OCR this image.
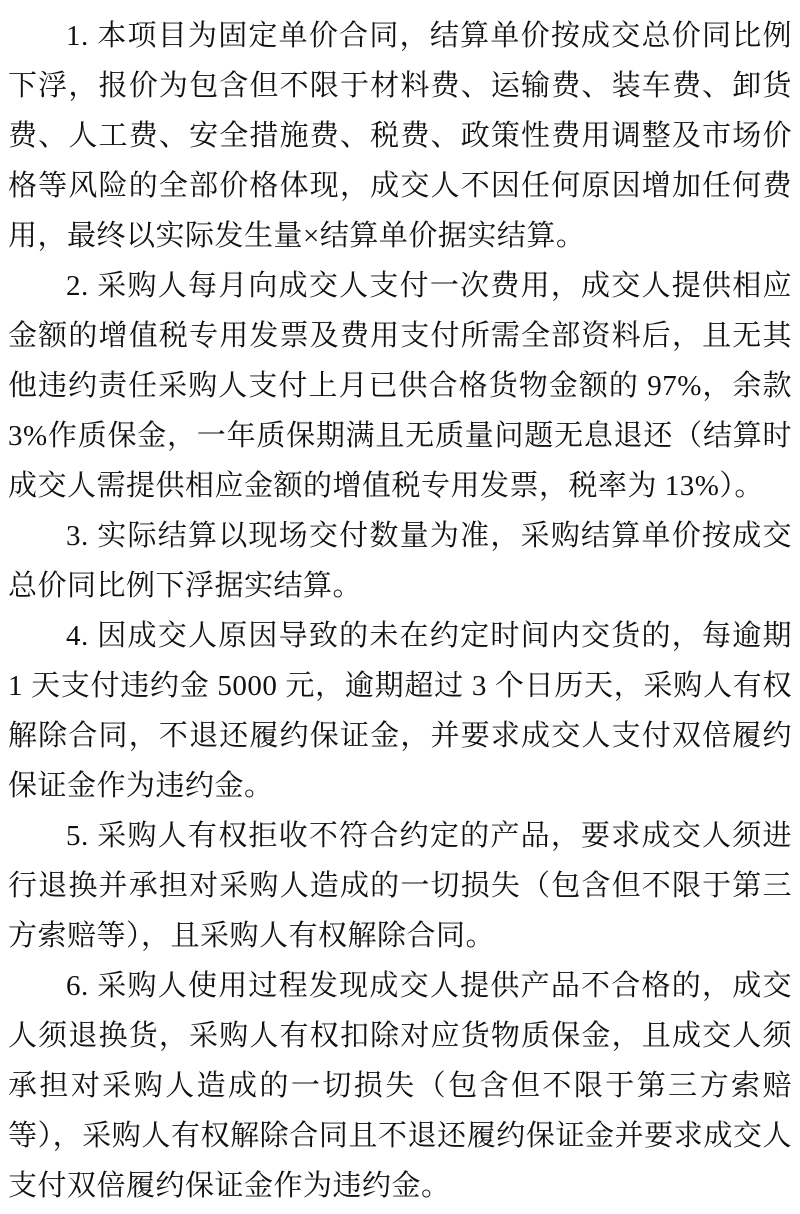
1. 本项目为固定单价合同，结算单价按成交总价同比例下浮，报价为包含但不限于材料费、运输费、装车费、卸货费、人工费、安全措施费、税费、政策性费用调整及市场价格等风险的全部价格体现，成交人不因任何原因增加任何费用，最终以实际发生量×结算单价据实结算。

2. 采购人每月向成交人支付一次费用，成交人提供相应金额的增值税专用发票及费用支付所需全部资料后，且无其他违约责任采购人支付上月已供合格货物金额的 97%，余款 3%作质保金，一年质保期满且无质量问题无息退还（结算时成交人需提供相应金额的增值税专用发票，税率为 13%）。

3. 实际结算以现场交付数量为准，采购结算单价按成交总价同比例下浮据实结算。

4. 因成交人原因导致的未在约定时间内交货的，每逾期 1 天支付违约金 5000 元，逾期超过 3 个日历天，采购人有权解除合同，不退还履约保证金，并要求成交人支付双倍履约保证金作为违约金。

5. 采购人有权拒收不符合约定的产品，要求成交人须进行退换并承担对采购人造成的一切损失（包含但不限于第三方索赔等），且采购人有权解除合同。

6. 采购人使用过程发现成交人提供产品不合格的，成交人须退换货，采购人有权扣除对应货物质保金，且成交人须承担对采购人造成的一切损失（包含但不限于第三方索赔等），采购人有权解除合同且不退还履约保证金并要求成交人支付双倍履约保证金作为违约金。
